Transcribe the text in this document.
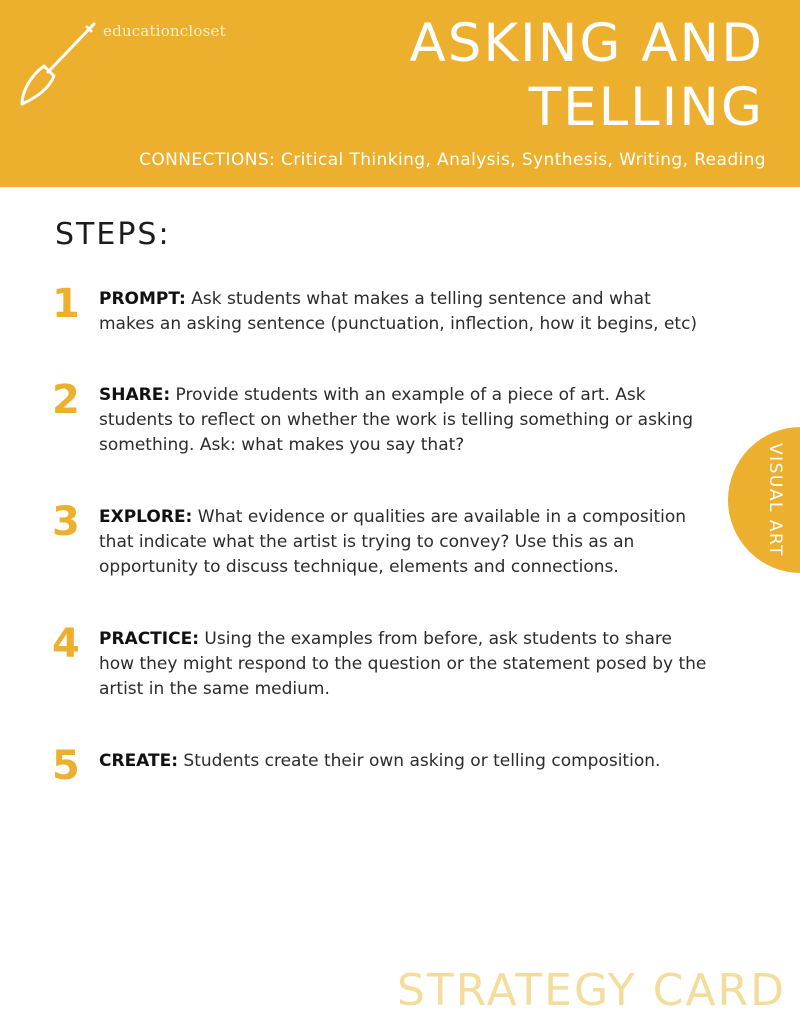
educationcloset	ASKING AND
TELLING
CONNECTIONS: Critical Thinking, Analysis, Synthesis, Writing, Reading
STEPS:
1 PROMPT: Ask students what makes a telling sentence and what makes an asking sentence (punctuation, inflection, how it begins, etc)
2 SHARE: Provide students with an example of a piece of art. Ask students to reflect on whether the work is telling something or asking something. Ask: what makes you say that?
3 EXPLORE: What evidence or qualities are available in a composition that indicate what the artist is trying to convey? Use this as an opportunity to discuss technique, elements and connections.
4 PRACTICE: Using the examples from before, ask students to share how they might respond to the question or the statement posed by the artist in the same medium.
5 CREATE: Students create their own asking or telling composition.
VISUAL ART
STRATEGY CARD
